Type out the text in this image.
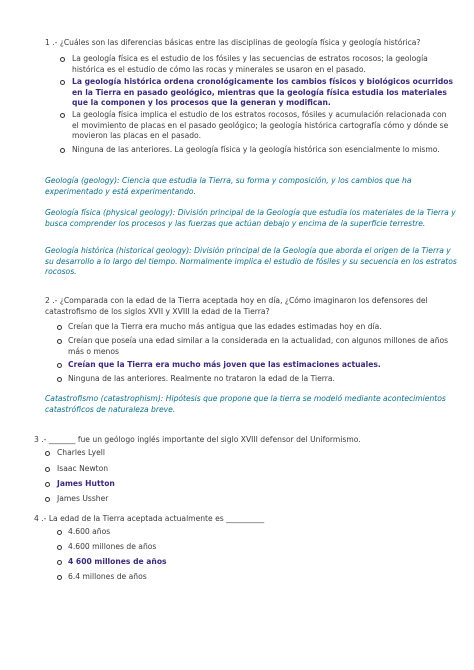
1 .- ¿Cuáles son las diferencias básicas entre las disciplinas de geología física y geología histórica?
La geología física es el estudio de los fósiles y las secuencias de estratos rocosos; la geología histórica es el estudio de cómo las rocas y minerales se usaron en el pasado.
La geología histórica ordena cronológicamente los cambios físicos y biológicos ocurridos en la Tierra en pasado geológico, mientras que la geología física estudia los materiales que la componen y los procesos que la generan y modifican.
La geología física implica el estudio de los estratos rocosos, fósiles y acumulación relacionada con el movimiento de placas en el pasado geológico; la geología histórica cartografía cómo y dónde se movieron las placas en el pasado.
Ninguna de las anteriores. La geología física y la geología histórica son esencialmente lo mismo.
Geología (geology): Ciencia que estudia la Tierra, su forma y composición, y los cambios que ha experimentado y está experimentando.
Geología física (physical geology): División principal de la Geología que estudia los materiales de la Tierra y busca comprender los procesos y las fuerzas que actúan debajo y encima de la superficie terrestre.
Geología histórica (historical geology): División principal de la Geología que aborda el origen de la Tierra y su desarrollo a lo largo del tiempo. Normalmente implica el estudio de fósiles y su secuencia en los estratos rocosos.
2 .- ¿Comparada con la edad de la Tierra aceptada hoy en día, ¿Cómo imaginaron los defensores del catastrofismo de los siglos XVII y XVIII la edad de la Tierra?
Creían que la Tierra era mucho más antigua que las edades estimadas hoy en día.
Creían que poseía una edad similar a la considerada en la actualidad, con algunos millones de años más o menos
Creían que la Tierra era mucho más joven que las estimaciones actuales.
Ninguna de las anteriores. Realmente no trataron la edad de la Tierra.
Catastrofismo (catastrophism): Hipótesis que propone que la tierra se modeló mediante acontecimientos catastróficos de naturaleza breve.
3 .- _______ fue un geólogo inglés importante del siglo XVIII defensor del Uniformismo.
Charles Lyell
Isaac Newton
James Hutton
James Ussher
4 .- La edad de la Tierra aceptada actualmente es __________
4.600 años
4.600 millones de años
4 600 millones de años
6.4 millones de años
